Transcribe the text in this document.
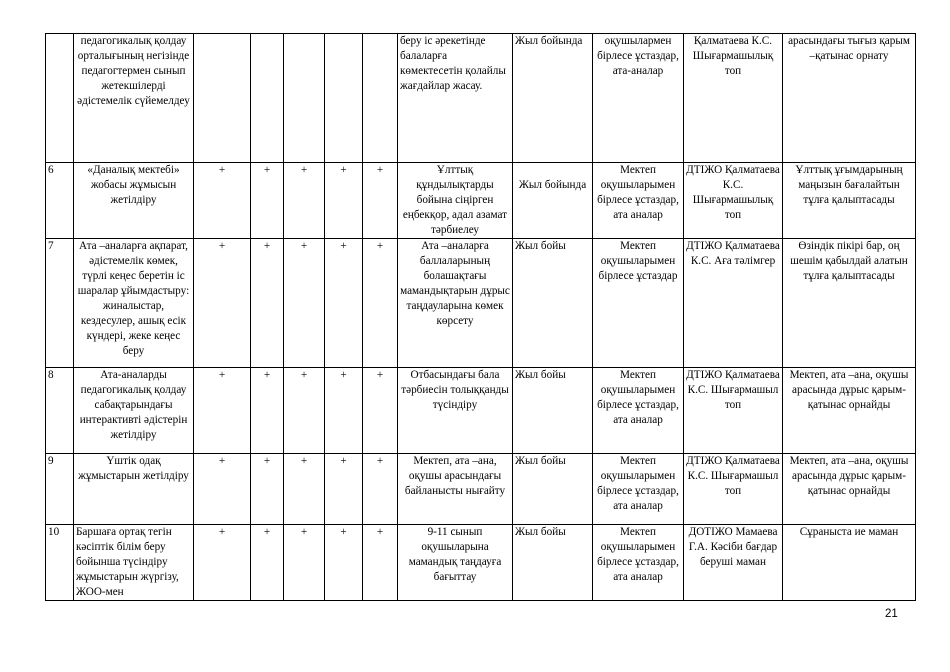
	педагогикалық қолдау орталығының негізінде педагогтермен сынып жетекшілерді әдістемелік сүйемелдеу						беру іс әрекетінде балаларға көмектесетін қолайлы жағдайлар жасау.	Жыл бойында	оқушылармен бірлесе ұстаздар, ата-аналар	Қалматаева К.С. Шығармашылық топ	арасындағы тығыз қарым –қатынас орнату
6	«Даналық мектебі» жобасы жұмысын жетілдіру	+	+	+	+	+	Ұлттық құндылықтарды бойына сіңірген еңбекқор, адал азамат тәрбиелеу	Жыл бойында	Мектеп оқушыларымен бірлесе ұстаздар, ата аналар	ДТІЖО Қалматаева К.С. Шығармашылық топ	Ұлттық ұғымдарының маңызын бағалайтын тұлға қалыптасады
7	Ата –аналарға ақпарат, әдістемелік көмек, түрлі кеңес беретін іс шаралар ұйымдастыру: жиналыстар, кездесулер, ашық есік күндері, жеке кеңес беру	+	+	+	+	+	Ата –аналарға баллаларының болашақтағы мамандықтарын дұрыс таңдауларына көмек көрсету	Жыл бойы	Мектеп оқушыларымен бірлесе ұстаздар	ДТІЖО Қалматаева К.С. Аға тәлімгер	Өзіндік пікірі бар, оң шешім қабылдай алатын тұлға қалыптасады
8	Ата-аналарды педагогикалық қолдау сабақтарындағы интерактивті әдістерін жетілдіру	+	+	+	+	+	Отбасындағы бала тәрбиесін толыққанды түсіндіру	Жыл бойы	Мектеп оқушыларымен бірлесе ұстаздар, ата аналар	ДТІЖО Қалматаева К.С. Шығармашыл топ	Мектеп, ата –ана, оқушы арасында дұрыс қарым-қатынас орнайды
9	Үштік одақ жұмыстарын жетілдіру	+	+	+	+	+	Мектеп, ата –ана, оқушы арасындағы байланысты нығайту	Жыл бойы	Мектеп оқушыларымен бірлесе ұстаздар, ата аналар	ДТІЖО Қалматаева К.С. Шығармашыл топ	Мектеп, ата –ана, оқушы арасында дұрыс қарым-қатынас орнайды
10	Баршаға ортақ тегін кәсіптік білім беру бойынша түсіндіру жұмыстарын жүргізу, ЖОО-мен	+	+	+	+	+	9-11 сынып оқушыларына мамандық таңдауға бағыттау	Жыл бойы	Мектеп оқушыларымен бірлесе ұстаздар, ата аналар	ДОТІЖО Мамаева Г.А. Кәсіби бағдар беруші маман	Сұраныста ие маман
21
